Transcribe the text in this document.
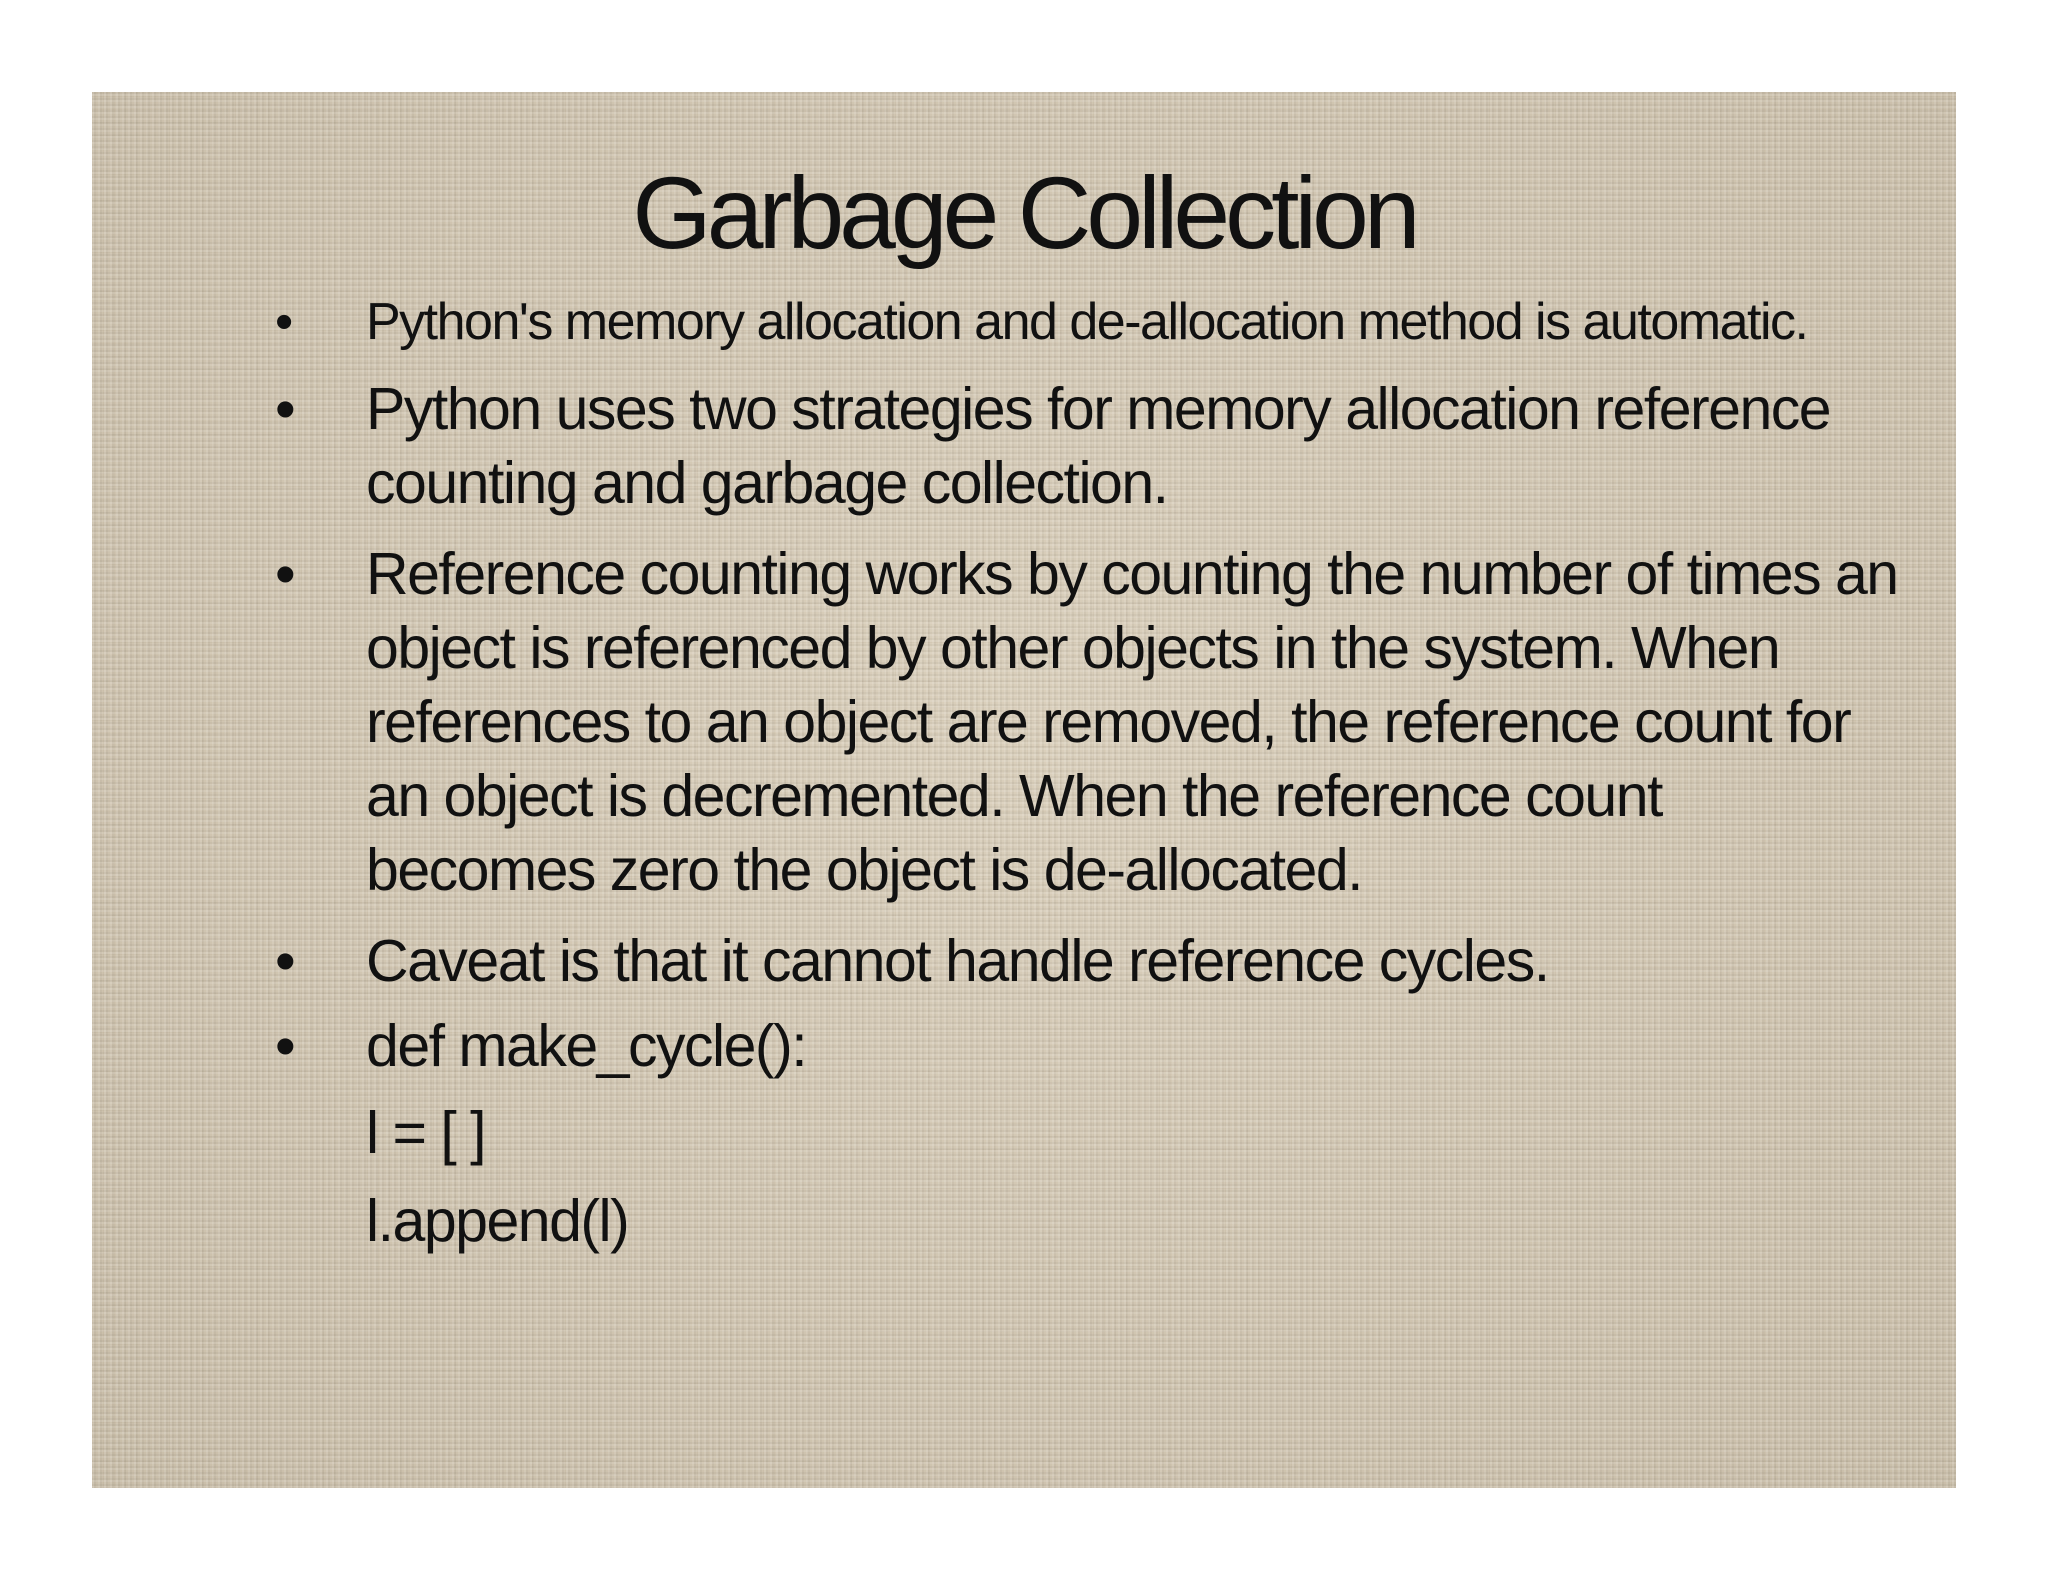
Garbage Collection
• Python's memory allocation and de-allocation method is automatic.
• Python uses two strategies for memory allocation reference
counting and garbage collection.
• Reference counting works by counting the number of times an
object is referenced by other objects in the system. When
references to an object are removed, the reference count for
an object is decremented. When the reference count
becomes zero the object is de-allocated.
• Caveat is that it cannot handle reference cycles.
• def make_cycle():
l = [ ]
l.append(l)
